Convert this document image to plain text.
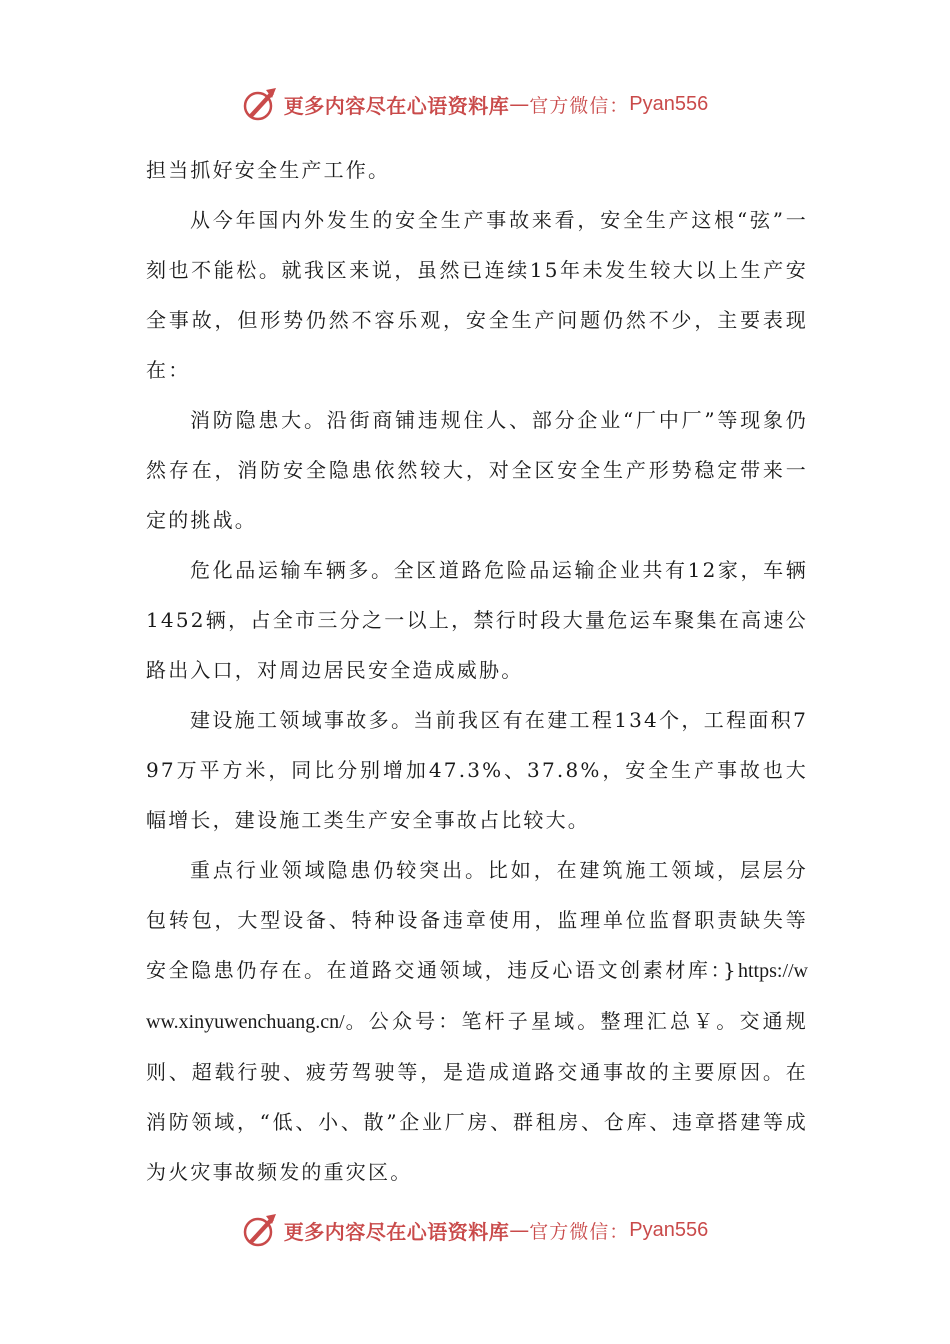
更多内容尽在心语资料库 — 官方微信： Pyan556

担当抓好安全生产工作。

从今年国内外发生的安全生产事故来看，安全生产这根“弦”一刻也不能松。就我区来说，虽然已连续15年未发生较大以上生产安全事故，但形势仍然不容乐观，安全生产问题仍然不少，主要表现在：

消防隐患大。沿街商铺违规住人、部分企业“厂中厂”等现象仍然存在，消防安全隐患依然较大，对全区安全生产形势稳定带来一定的挑战。

危化品运输车辆多。全区道路危险品运输企业共有12家，车辆1452辆，占全市三分之一以上，禁行时段大量危运车聚集在高速公路出入口，对周边居民安全造成威胁。

建设施工领域事故多。当前我区有在建工程134个，工程面积797万平方米，同比分别增加47.3%、37.8%，安全生产事故也大幅增长，建设施工类生产安全事故占比较大。

重点行业领域隐患仍较突出。比如，在建筑施工领域，层层分包转包，大型设备、特种设备违章使用，监理单位监督职责缺失等安全隐患仍存在。在道路交通领域，违反心语文创素材库：}https://www.xinyuwenchuang.cn/。公众号：笔杆子星域。整理汇总￥。交通规则、超载行驶、疲劳驾驶等，是造成道路交通事故的主要原因。在消防领域，“低、小、散”企业厂房、群租房、仓库、违章搭建等成为火灾事故频发的重灾区。

更多内容尽在心语资料库 — 官方微信： Pyan556
